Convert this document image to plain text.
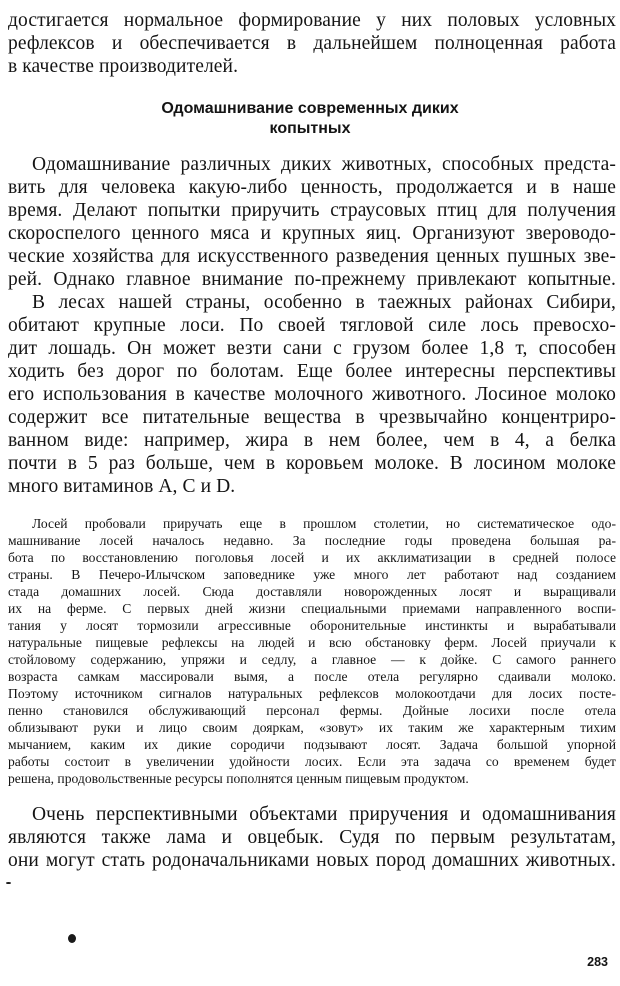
достигается нормальное формирование у них половых условных
рефлексов и обеспечивается в дальнейшем полноценная работа
в качестве производителей.
Одомашнивание современных диких
копытных
Одомашнивание различных диких животных, способных предста-
вить для человека какую-либо ценность, продолжается и в наше
время. Делают попытки приручить страусовых птиц для получения
скороспелого ценного мяса и крупных яиц. Организуют звероводо-
ческие хозяйства для искусственного разведения ценных пушных зве-
рей. Однако главное внимание по-прежнему привлекают копытные.
В лесах нашей страны, особенно в таежных районах Сибири,
обитают крупные лоси. По своей тягловой силе лось превосхо-
дит лошадь. Он может везти сани с грузом более 1,8 т, способен
ходить без дорог по болотам. Еще более интересны перспективы
его использования в качестве молочного животного. Лосиное молоко
содержит все питательные вещества в чрезвычайно концентриро-
ванном виде: например, жира в нем более, чем в 4, а белка
почти в 5 раз больше, чем в коровьем молоке. В лосином молоке
много витаминов А, С и D.
Лосей пробовали приручать еще в прошлом столетии, но систематическое одо-
машнивание лосей началось недавно. За последние годы проведена большая ра-
бота по восстановлению поголовья лосей и их акклиматизации в средней полосе
страны. В Печеро-Илычском заповеднике уже много лет работают над созданием
стада домашних лосей. Сюда доставляли новорожденных лосят и выращивали
их на ферме. С первых дней жизни специальными приемами направленного воспи-
тания у лосят тормозили агрессивные оборонительные инстинкты и вырабатывали
натуральные пищевые рефлексы на людей и всю обстановку ферм. Лосей приучали к
стойловому содержанию, упряжи и седлу, а главное — к дойке. С самого раннего
возраста самкам массировали вымя, а после отела регулярно сдаивали молоко.
Поэтому источником сигналов натуральных рефлексов молокоотдачи для лосих посте-
пенно становился обслуживающий персонал фермы. Дойные лосихи после отела
облизывают руки и лицо своим дояркам, «зовут» их таким же характерным тихим
мычанием, каким их дикие сородичи подзывают лосят. Задача большой упорной
работы состоит в увеличении удойности лосих. Если эта задача со временем будет
решена, продовольственные ресурсы пополнятся ценным пищевым продуктом.
Очень перспективными объектами приручения и одомашнивания
являются также лама и овцебык. Судя по первым результатам,
они могут стать родоначальниками новых пород домашних животных.
283
